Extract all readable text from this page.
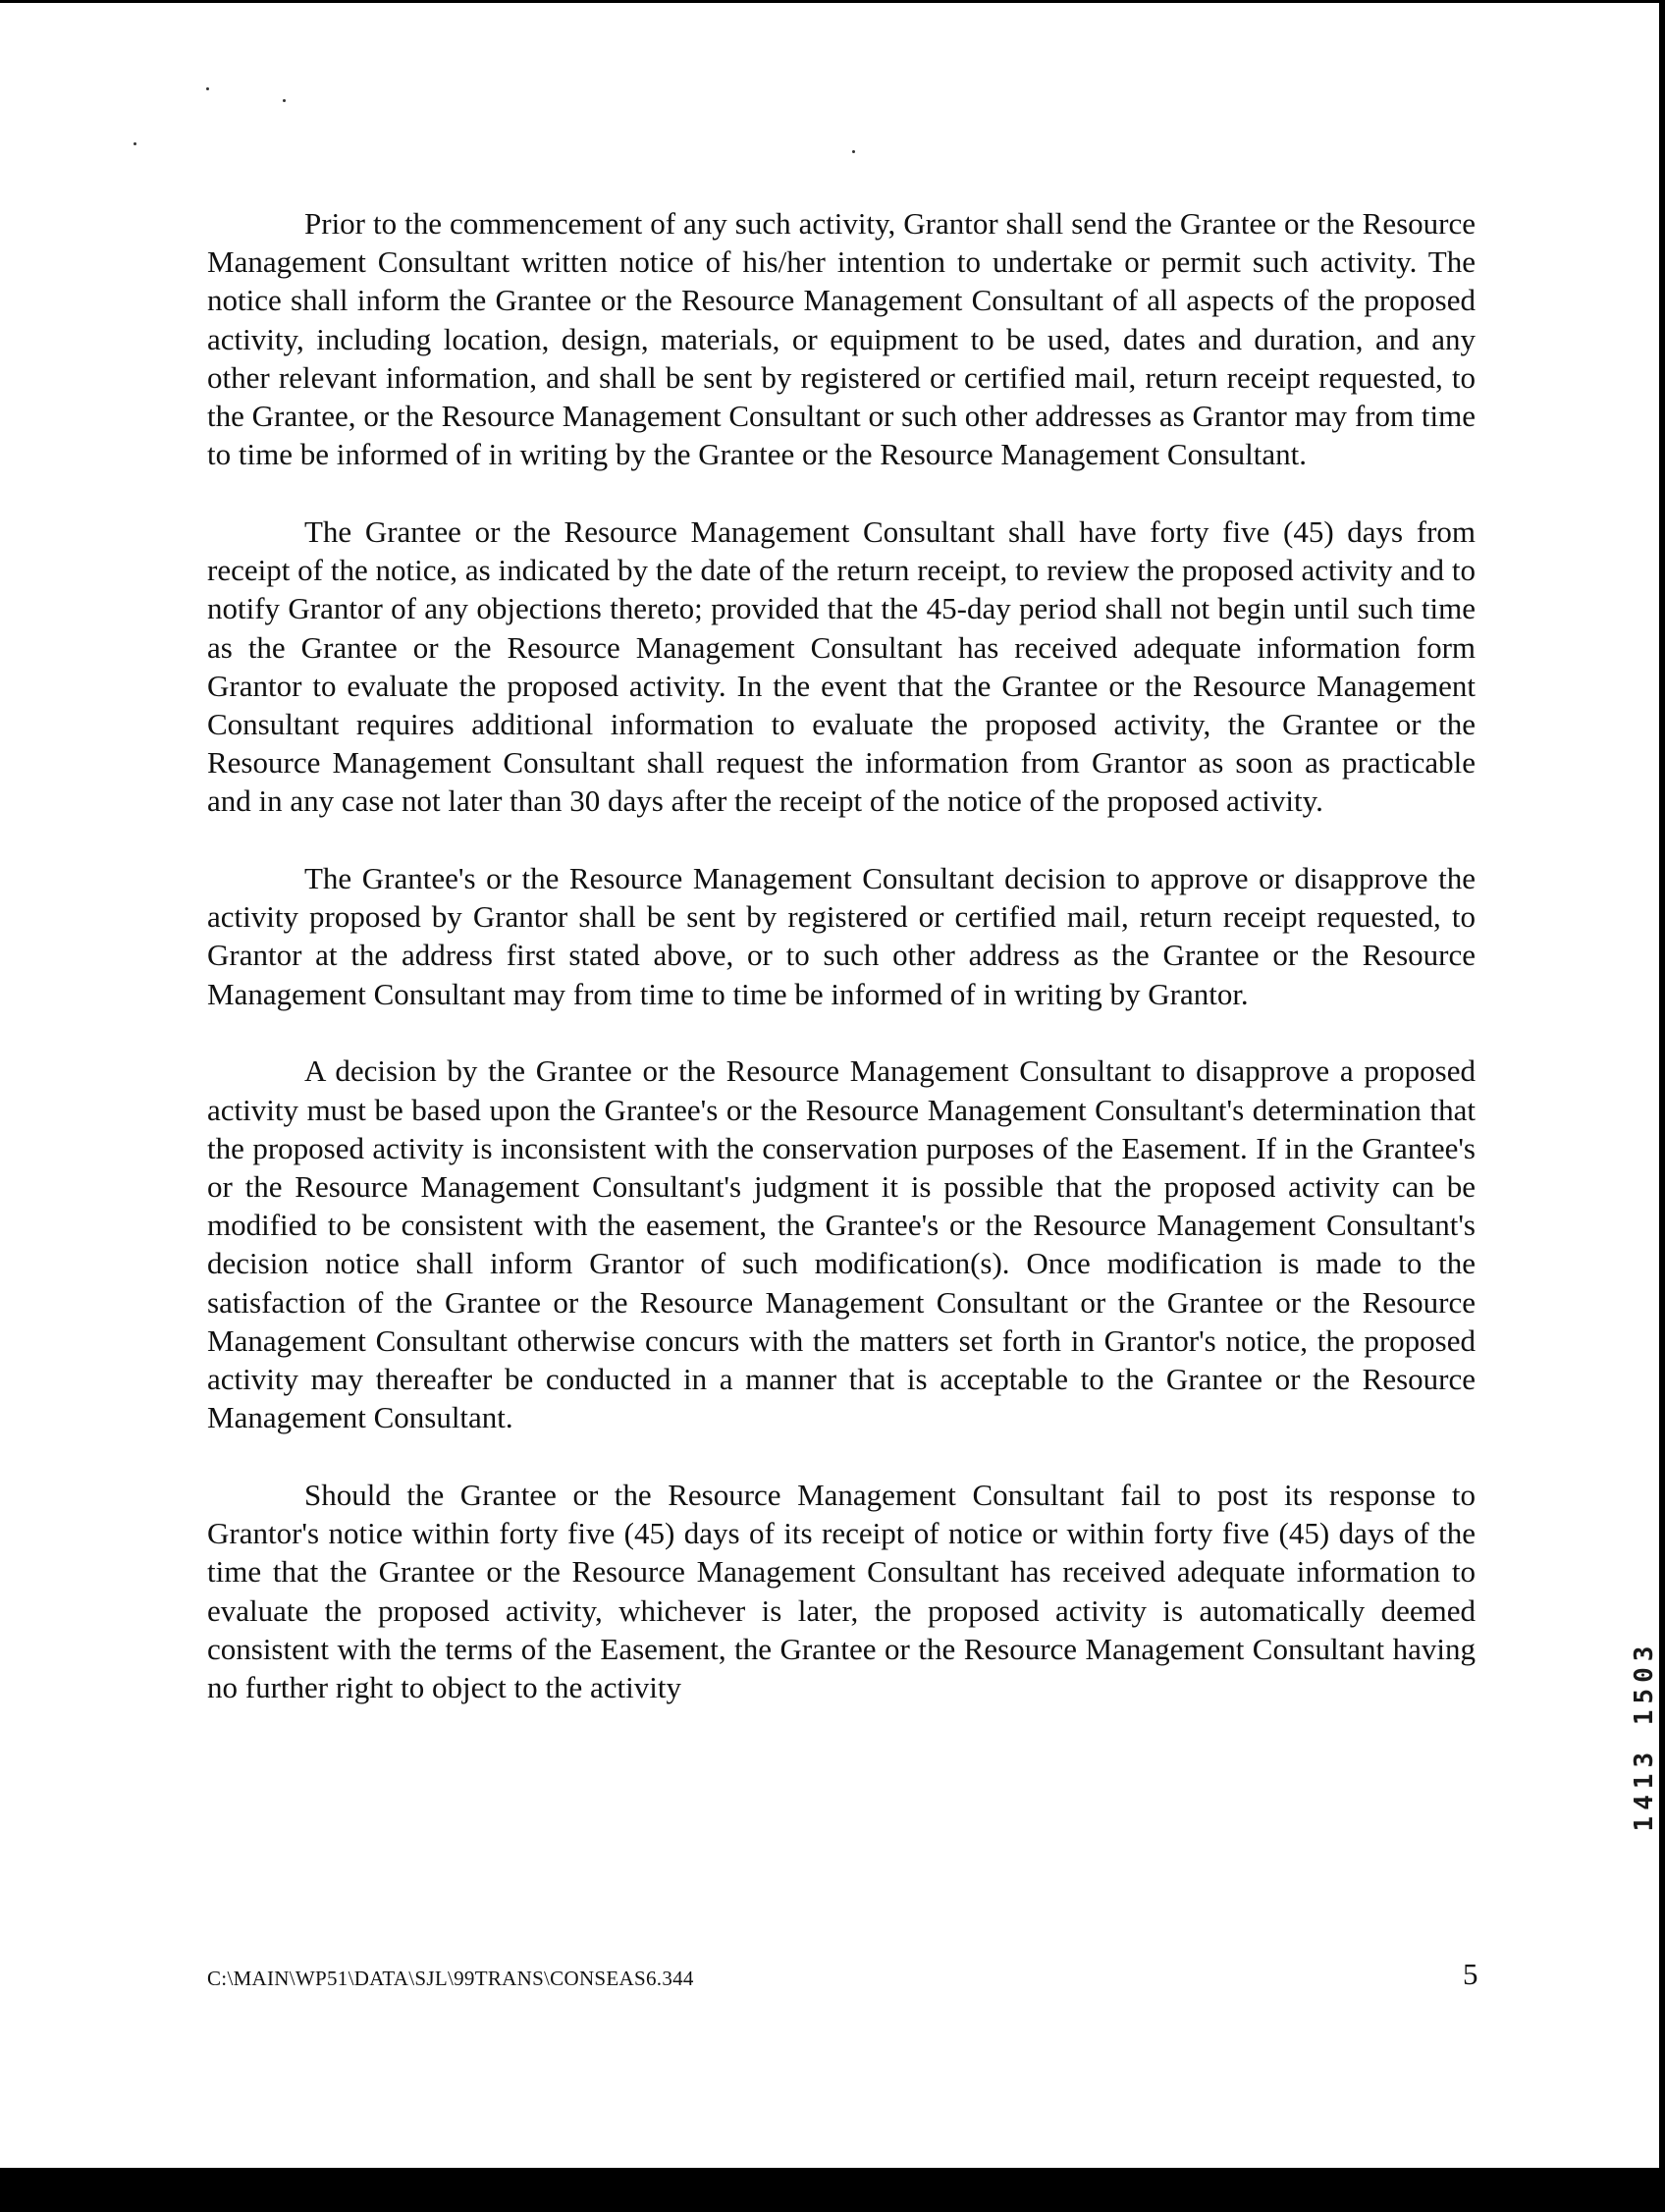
Prior to the commencement of any such activity, Grantor shall send the Grantee or the Resource Management Consultant written notice of his/her intention to undertake or permit such activity. The notice shall inform the Grantee or the Resource Management Consultant of all aspects of the proposed activity, including location, design, materials, or equipment to be used, dates and duration, and any other relevant information, and shall be sent by registered or certified mail, return receipt requested, to the Grantee, or the Resource Management Consultant or such other addresses as Grantor may from time to time be informed of in writing by the Grantee or the Resource Management Consultant.

The Grantee or the Resource Management Consultant shall have forty five (45) days from receipt of the notice, as indicated by the date of the return receipt, to review the proposed activity and to notify Grantor of any objections thereto; provided that the 45-day period shall not begin until such time as the Grantee or the Resource Management Consultant has received adequate information form Grantor to evaluate the proposed activity. In the event that the Grantee or the Resource Management Consultant requires additional information to evaluate the proposed activity, the Grantee or the Resource Management Consultant shall request the information from Grantor as soon as practicable and in any case not later than 30 days after the receipt of the notice of the proposed activity.

The Grantee's or the Resource Management Consultant decision to approve or disapprove the activity proposed by Grantor shall be sent by registered or certified mail, return receipt requested, to Grantor at the address first stated above, or to such other address as the Grantee or the Resource Management Consultant may from time to time be informed of in writing by Grantor.

A decision by the Grantee or the Resource Management Consultant to disapprove a proposed activity must be based upon the Grantee's or the Resource Management Consultant's determination that the proposed activity is inconsistent with the conservation purposes of the Easement. If in the Grantee's or the Resource Management Consultant's judgment it is possible that the proposed activity can be modified to be consistent with the easement, the Grantee's or the Resource Management Consultant's decision notice shall inform Grantor of such modification(s). Once modification is made to the satisfaction of the Grantee or the Resource Management Consultant or the Grantee or the Resource Management Consultant otherwise concurs with the matters set forth in Grantor's notice, the proposed activity may thereafter be conducted in a manner that is acceptable to the Grantee or the Resource Management Consultant.

Should the Grantee or the Resource Management Consultant fail to post its response to Grantor's notice within forty five (45) days of its receipt of notice or within forty five (45) days of the time that the Grantee or the Resource Management Consultant has received adequate information to evaluate the proposed activity, whichever is later, the proposed activity is automatically deemed consistent with the terms of the Easement, the Grantee or the Resource Management Consultant having no further right to object to the activity

C:\MAIN\WP51\DATA\SJL\99TRANS\CONSEAS6.344	5
1413 1503
